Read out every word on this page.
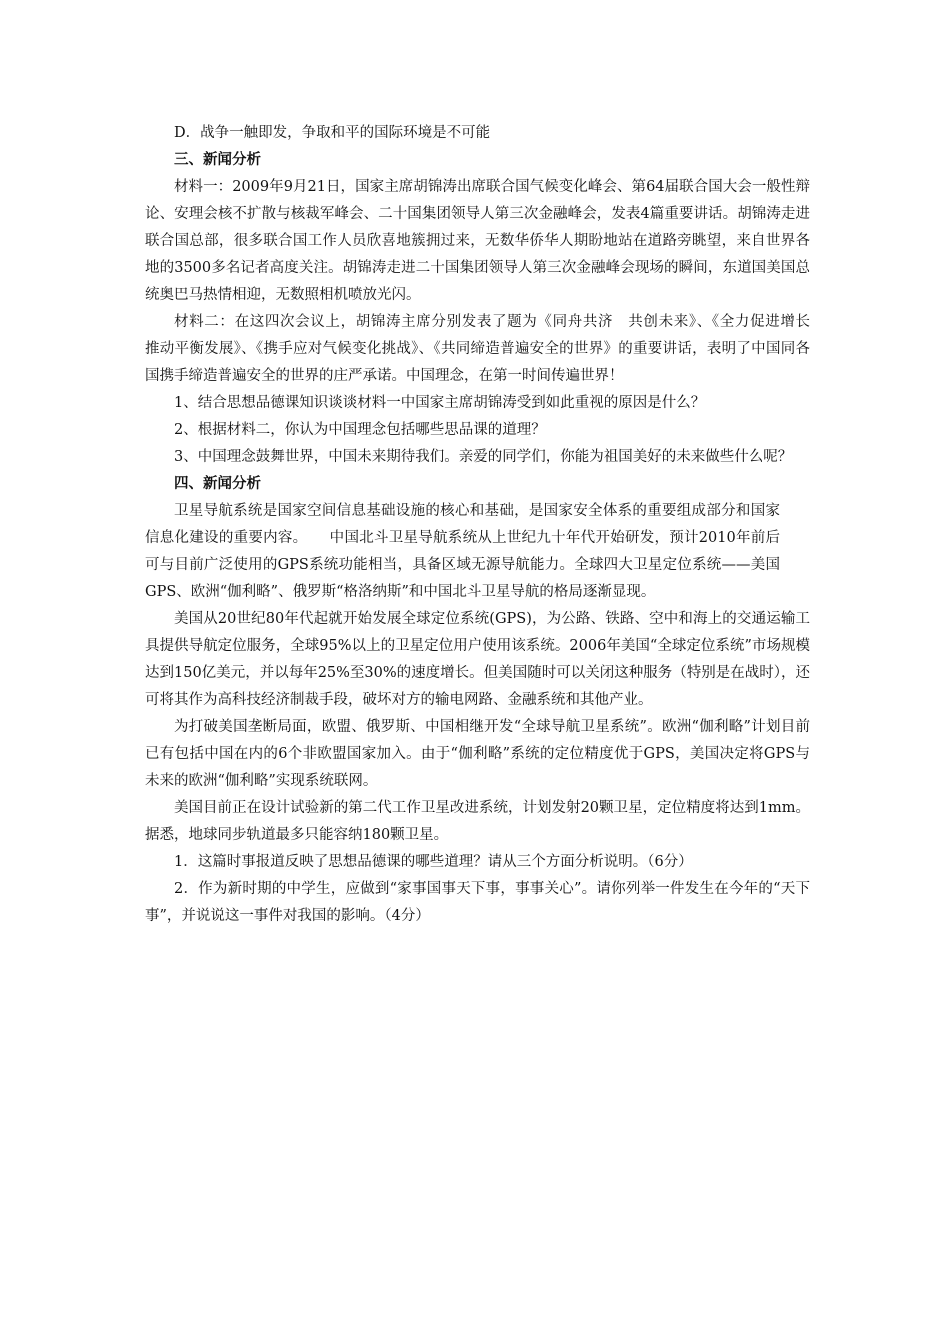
D．战争一触即发，争取和平的国际环境是不可能

三、新闻分析

材料一：2009年9月21日，国家主席胡锦涛出席联合国气候变化峰会、第64届联合国大会一般性辩论、安理会核不扩散与核裁军峰会、二十国集团领导人第三次金融峰会，发表4篇重要讲话。胡锦涛走进联合国总部，很多联合国工作人员欣喜地簇拥过来，无数华侨华人期盼地站在道路旁眺望，来自世界各地的3500多名记者高度关注。胡锦涛走进二十国集团领导人第三次金融峰会现场的瞬间，东道国美国总统奥巴马热情相迎，无数照相机喷放光闪。

材料二：在这四次会议上，胡锦涛主席分别发表了题为《同舟共济　共创未来》、《全力促进增长　推动平衡发展》、《携手应对气候变化挑战》、《共同缔造普遍安全的世界》的重要讲话，表明了中国同各国携手缔造普遍安全的世界的庄严承诺。中国理念，在第一时间传遍世界！

1、结合思想品德课知识谈谈材料一中国家主席胡锦涛受到如此重视的原因是什么？

2、根据材料二，你认为中国理念包括哪些思品课的道理？

3、中国理念鼓舞世界，中国未来期待我们。亲爱的同学们，你能为祖国美好的未来做些什么呢？

四、新闻分析

卫星导航系统是国家空间信息基础设施的核心和基础，是国家安全体系的重要组成部分和国家信息化建设的重要内容。　　中国北斗卫星导航系统从上世纪九十年代开始研发，预计2010年前后可与目前广泛使用的GPS系统功能相当，具备区域无源导航能力。全球四大卫星定位系统——美国GPS、欧洲“伽利略”、俄罗斯“格洛纳斯”和中国北斗卫星导航的格局逐渐显现。

美国从20世纪80年代起就开始发展全球定位系统(GPS)，为公路、铁路、空中和海上的交通运输工具提供导航定位服务，全球95%以上的卫星定位用户使用该系统。2006年美国“全球定位系统”市场规模达到150亿美元，并以每年25%至30%的速度增长。但美国随时可以关闭这种服务（特别是在战时），还可将其作为高科技经济制裁手段，破坏对方的输电网路、金融系统和其他产业。

为打破美国垄断局面，欧盟、俄罗斯、中国相继开发“全球导航卫星系统”。欧洲“伽利略”计划目前已有包括中国在内的6个非欧盟国家加入。由于“伽利略”系统的定位精度优于GPS，美国决定将GPS与未来的欧洲“伽利略”实现系统联网。

美国目前正在设计试验新的第二代工作卫星改进系统，计划发射20颗卫星，定位精度将达到1mm。据悉，地球同步轨道最多只能容纳180颗卫星。

1．这篇时事报道反映了思想品德课的哪些道理？请从三个方面分析说明。（6分）

2．作为新时期的中学生，应做到“家事国事天下事，事事关心”。请你列举一件发生在今年的“天下事”，并说说这一事件对我国的影响。（4分）
